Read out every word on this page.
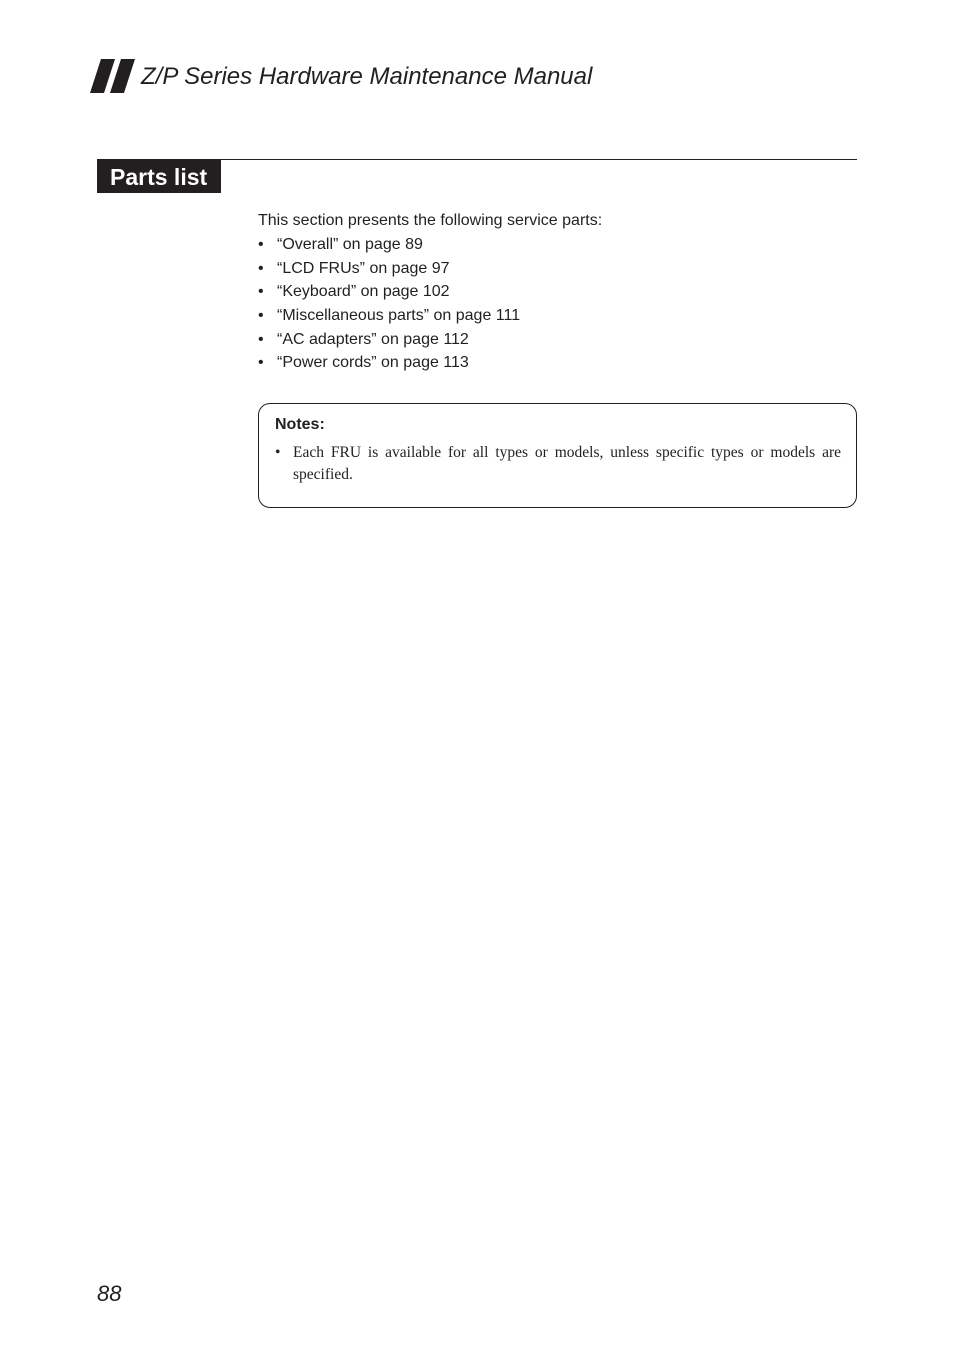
Z/P Series Hardware Maintenance Manual
Parts list
This section presents the following service parts:
• “Overall” on page 89
• “LCD FRUs” on page 97
• “Keyboard” on page 102
• “Miscellaneous parts” on page 111
• “AC adapters” on page 112
• “Power cords” on page 113
Notes:
• Each FRU is available for all types or models, unless specific types or models are specified.
88
